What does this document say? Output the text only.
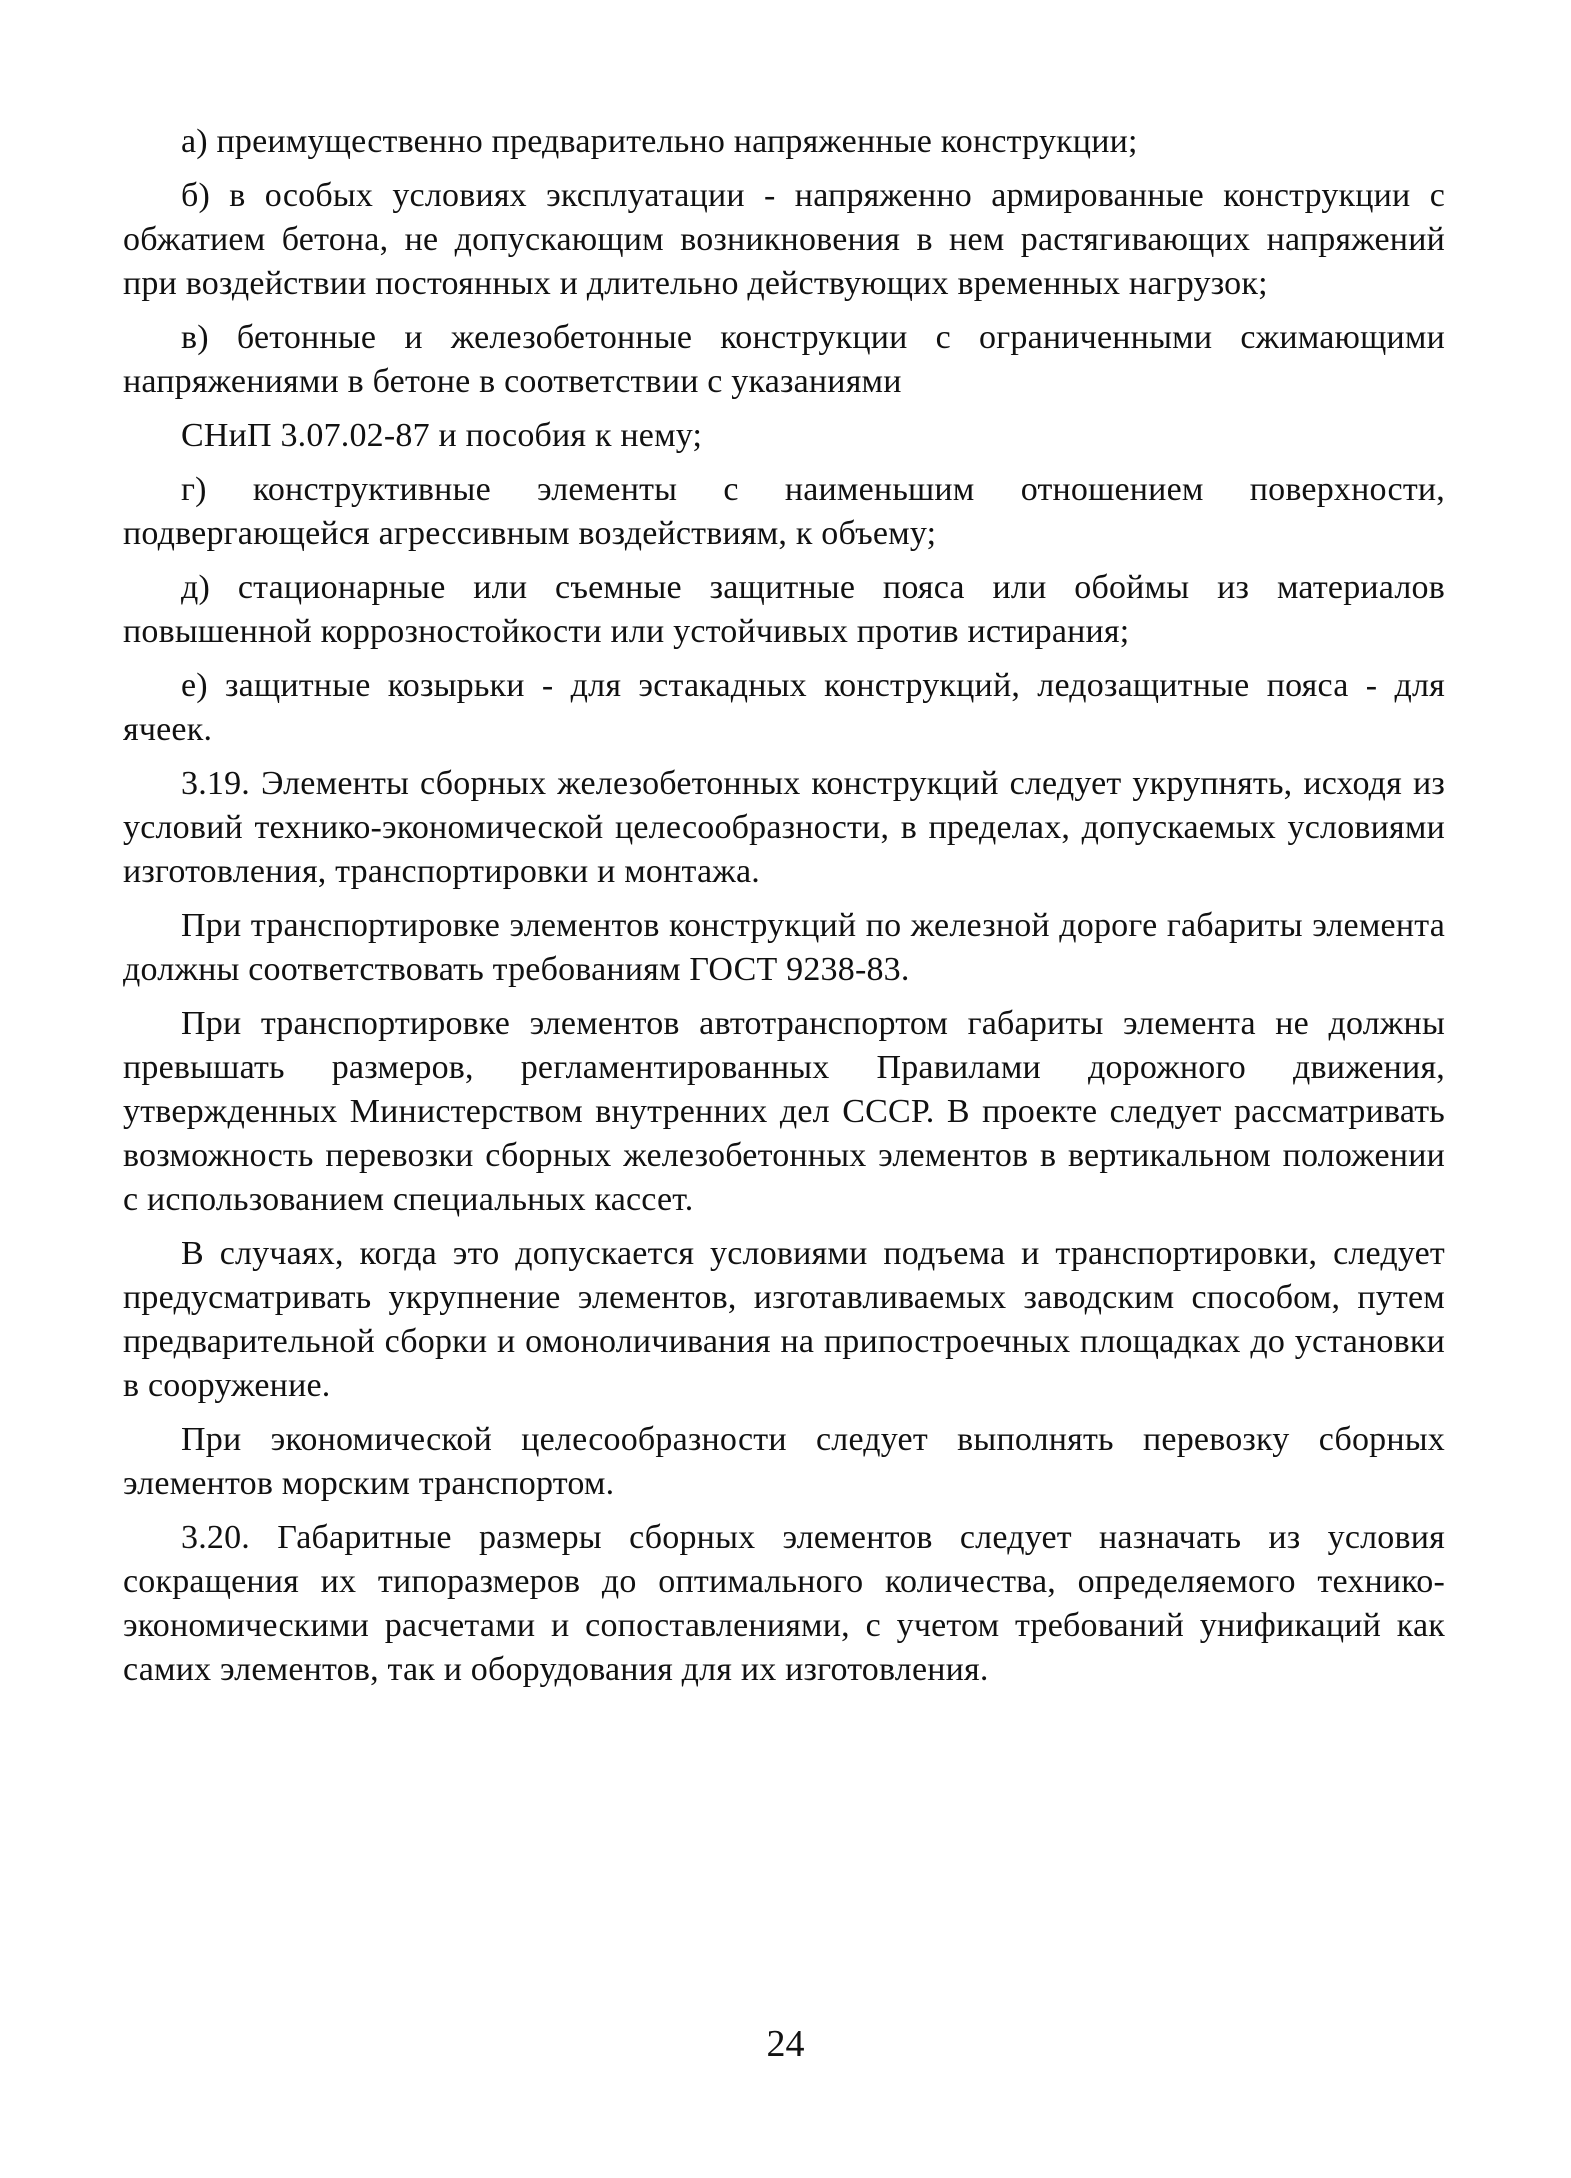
а) преимущественно предварительно напряженные конструкции;

б) в особых условиях эксплуатации - напряженно армированные конструкции с обжатием бетона, не допускающим возникновения в нем растягивающих напряжений при воздействии постоянных и длительно действующих временных нагрузок;

в) бетонные и железобетонные конструкции с ограниченными сжимающими напряжениями в бетоне в соответствии с указаниями

СНиП 3.07.02-87 и пособия к нему;

г) конструктивные элементы с наименьшим отношением поверхности, подвергающейся агрессивным воздействиям, к объему;

д) стационарные или съемные защитные пояса или обоймы из материалов повышенной коррозностойкости или устойчивых против истирания;

е) защитные козырьки - для эстакадных конструкций, ледозащитные пояса - для ячеек.

3.19. Элементы сборных железобетонных конструкций следует укрупнять, исходя из условий технико-экономической целесообразности, в пределах, допускаемых условиями изготовления, транспортировки и монтажа.

При транспортировке элементов конструкций по железной дороге габариты элемента должны соответствовать требованиям ГОСТ 9238-83.

При транспортировке элементов автотранспортом габариты элемента не должны превышать размеров, регламентированных Правилами дорожного движения, утвержденных Министерством внутренних дел СССР. В проекте следует рассматривать возможность перевозки сборных железобетонных элементов в вертикальном положении с использованием специальных кассет.

В случаях, когда это допускается условиями подъема и транспортировки, следует предусматривать укрупнение элементов, изготавливаемых заводским способом, путем предварительной сборки и омоноличивания на припостроечных площадках до установки в сооружение.

При экономической целесообразности следует выполнять перевозку сборных элементов морским транспортом.

3.20. Габаритные размеры сборных элементов следует назначать из условия сокращения их типоразмеров до оптимального количества, определяемого технико-экономическими расчетами и сопоставлениями, с учетом требований унификаций как самих элементов, так и оборудования для их изготовления.

24
